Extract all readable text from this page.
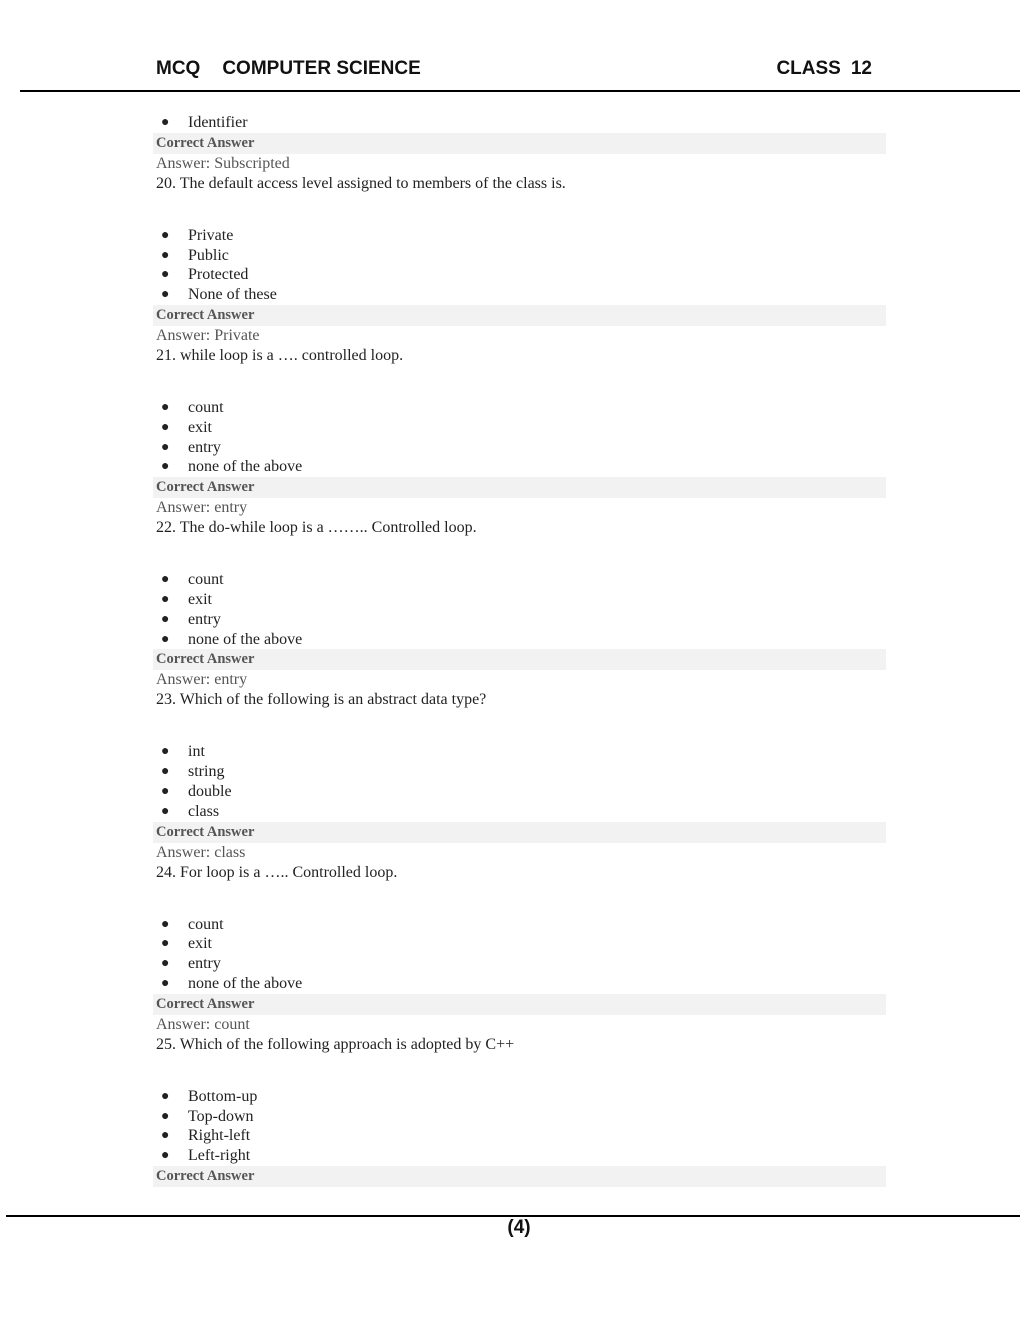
MCQ COMPUTER SCIENCE	CLASS 12
● Identifier
Correct Answer
Answer: Subscripted
20. The default access level assigned to members of the class is.
● Private
● Public
● Protected
● None of these
Correct Answer
Answer: Private
21. while loop is a …. controlled loop.
● count
● exit
● entry
● none of the above
Correct Answer
Answer: entry
22. The do-while loop is a …….. Controlled loop.
● count
● exit
● entry
● none of the above
Correct Answer
Answer: entry
23. Which of the following is an abstract data type?
● int
● string
● double
● class
Correct Answer
Answer: class
24. For loop is a ….. Controlled loop.
● count
● exit
● entry
● none of the above
Correct Answer
Answer: count
25. Which of the following approach is adopted by C++
● Bottom-up
● Top-down
● Right-left
● Left-right
Correct Answer
(4)
